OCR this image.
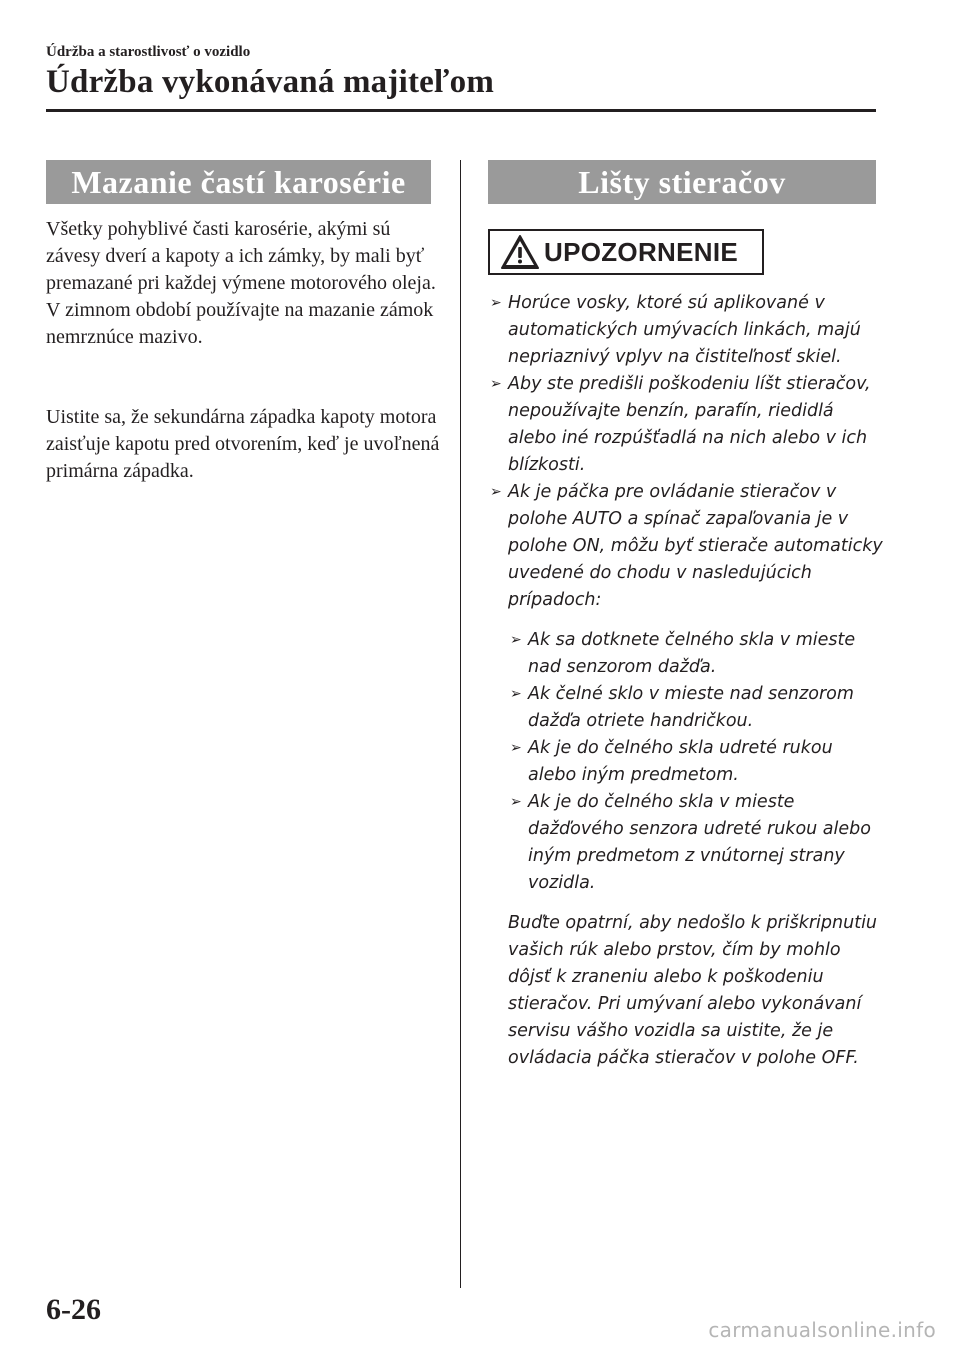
Údržba a starostlivosť o vozidlo

Údržba vykonávaná majiteľom
Mazanie častí karosérie

Všetky pohyblivé časti karosérie, akými sú závesy dverí a kapoty a ich zámky, by mali byť premazané pri každej výmene motorového oleja. V zimnom období používajte na mazanie zámok nemrznúce mazivo.

Uistite sa, že sekundárna západka kapoty motora zaisťuje kapotu pred otvorením, keď je uvoľnená primárna západka.

Lišty stieračov
UPOZORNENIE
➢ Horúce vosky, ktoré sú aplikované v automatických umývacích linkách, majú nepriaznivý vplyv na čistiteľnosť skiel.
➢ Aby ste predišli poškodeniu líšt stieračov, nepoužívajte benzín, parafín, riedidlá alebo iné rozpúšťadlá na nich alebo v ich blízkosti.
➢ Ak je páčka pre ovládanie stieračov v polohe AUTO a spínač zapaľovania je v polohe ON, môžu byť stierače automaticky uvedené do chodu v nasledujúcich prípadoch:
➢ Ak sa dotknete čelného skla v mieste nad senzorom dažďa.
➢ Ak čelné sklo v mieste nad senzorom dažďa otriete handričkou.
➢ Ak je do čelného skla udreté rukou alebo iným predmetom.
➢ Ak je do čelného skla v mieste dažďového senzora udreté rukou alebo iným predmetom z vnútornej strany vozidla.

Buďte opatrní, aby nedošlo k priškripnutiu vašich rúk alebo prstov, čím by mohlo dôjsť k zraneniu alebo k poškodeniu stieračov. Pri umývaní alebo vykonávaní servisu vášho vozidla sa uistite, že je ovládacia páčka stieračov v polohe OFF.

6-26

carmanualsonline.info
